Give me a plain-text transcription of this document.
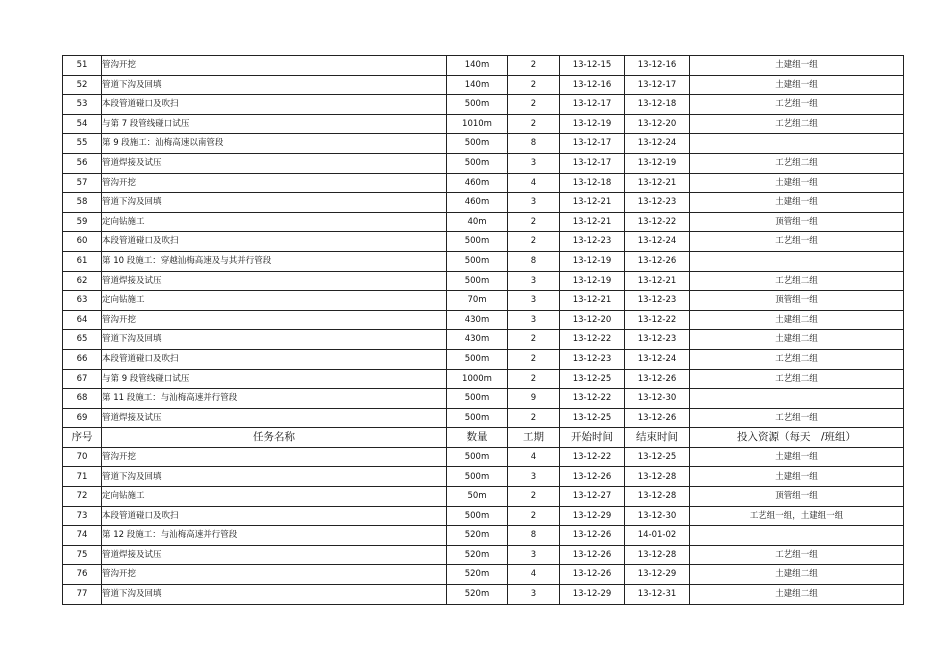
51	管沟开挖	140m	2	13-12-15	13-12-16	土建组一组
52	管道下沟及回填	140m	2	13-12-16	13-12-17	土建组一组
53	本段管道碰口及吹扫	500m	2	13-12-17	13-12-18	工艺组一组
54	与第 7 段管线碰口试压	1010m	2	13-12-19	13-12-20	工艺组二组
55	第 9 段施工：汕梅高速以南管段	500m	8	13-12-17	13-12-24	
56	管道焊接及试压	500m	3	13-12-17	13-12-19	工艺组二组
57	管沟开挖	460m	4	13-12-18	13-12-21	土建组一组
58	管道下沟及回填	460m	3	13-12-21	13-12-23	土建组一组
59	定向钻施工	40m	2	13-12-21	13-12-22	顶管组一组
60	本段管道碰口及吹扫	500m	2	13-12-23	13-12-24	工艺组一组
61	第 10 段施工：穿越汕梅高速及与其并行管段	500m	8	13-12-19	13-12-26	
62	管道焊接及试压	500m	3	13-12-19	13-12-21	工艺组二组
63	定向钻施工	70m	3	13-12-21	13-12-23	顶管组一组
64	管沟开挖	430m	3	13-12-20	13-12-22	土建组二组
65	管道下沟及回填	430m	2	13-12-22	13-12-23	土建组二组
66	本段管道碰口及吹扫	500m	2	13-12-23	13-12-24	工艺组二组
67	与第 9 段管线碰口试压	1000m	2	13-12-25	13-12-26	工艺组二组
68	第 11 段施工：与汕梅高速并行管段	500m	9	13-12-22	13-12-30	
69	管道焊接及试压	500m	2	13-12-25	13-12-26	工艺组一组
序号	任务名称	数量	工期	开始时间	结束时间	投入资源（每天　/班组）
70	管沟开挖	500m	4	13-12-22	13-12-25	土建组一组
71	管道下沟及回填	500m	3	13-12-26	13-12-28	土建组一组
72	定向钻施工	50m	2	13-12-27	13-12-28	顶管组一组
73	本段管道碰口及吹扫	500m	2	13-12-29	13-12-30	工艺组一组，土建组一组
74	第 12 段施工：与汕梅高速并行管段	520m	8	13-12-26	14-01-02	
75	管道焊接及试压	520m	3	13-12-26	13-12-28	工艺组一组
76	管沟开挖	520m	4	13-12-26	13-12-29	土建组二组
77	管道下沟及回填	520m	3	13-12-29	13-12-31	土建组二组
